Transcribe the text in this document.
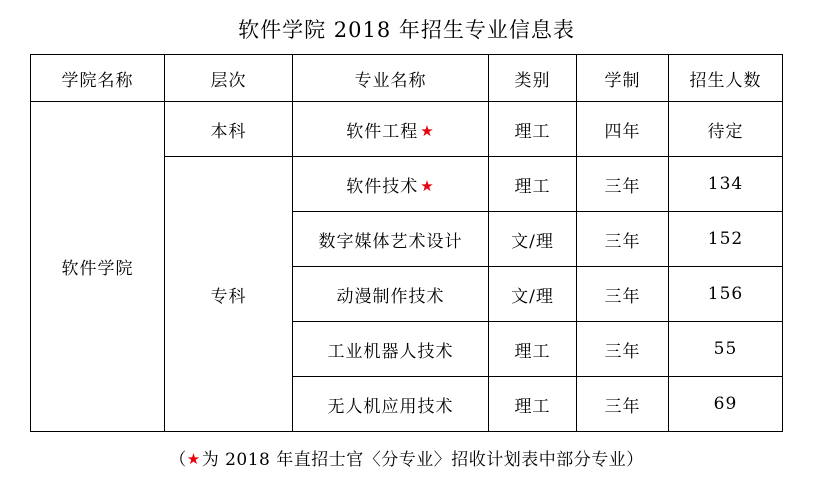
软件学院 2018 年招生专业信息表
学院名称	层次	专业名称	类别	学制	招生人数
软件学院	本科	软件工程 ★	理工	四年	待定
	专科	软件技术 ★	理工	三年	134
		数字媒体艺术设计	文/理	三年	152
		动漫制作技术	文/理	三年	156
		工业机器人技术	理工	三年	55
		无人机应用技术	理工	三年	69
（★为 2018 年直招士官〈分专业〉招收计划表中部分专业）
